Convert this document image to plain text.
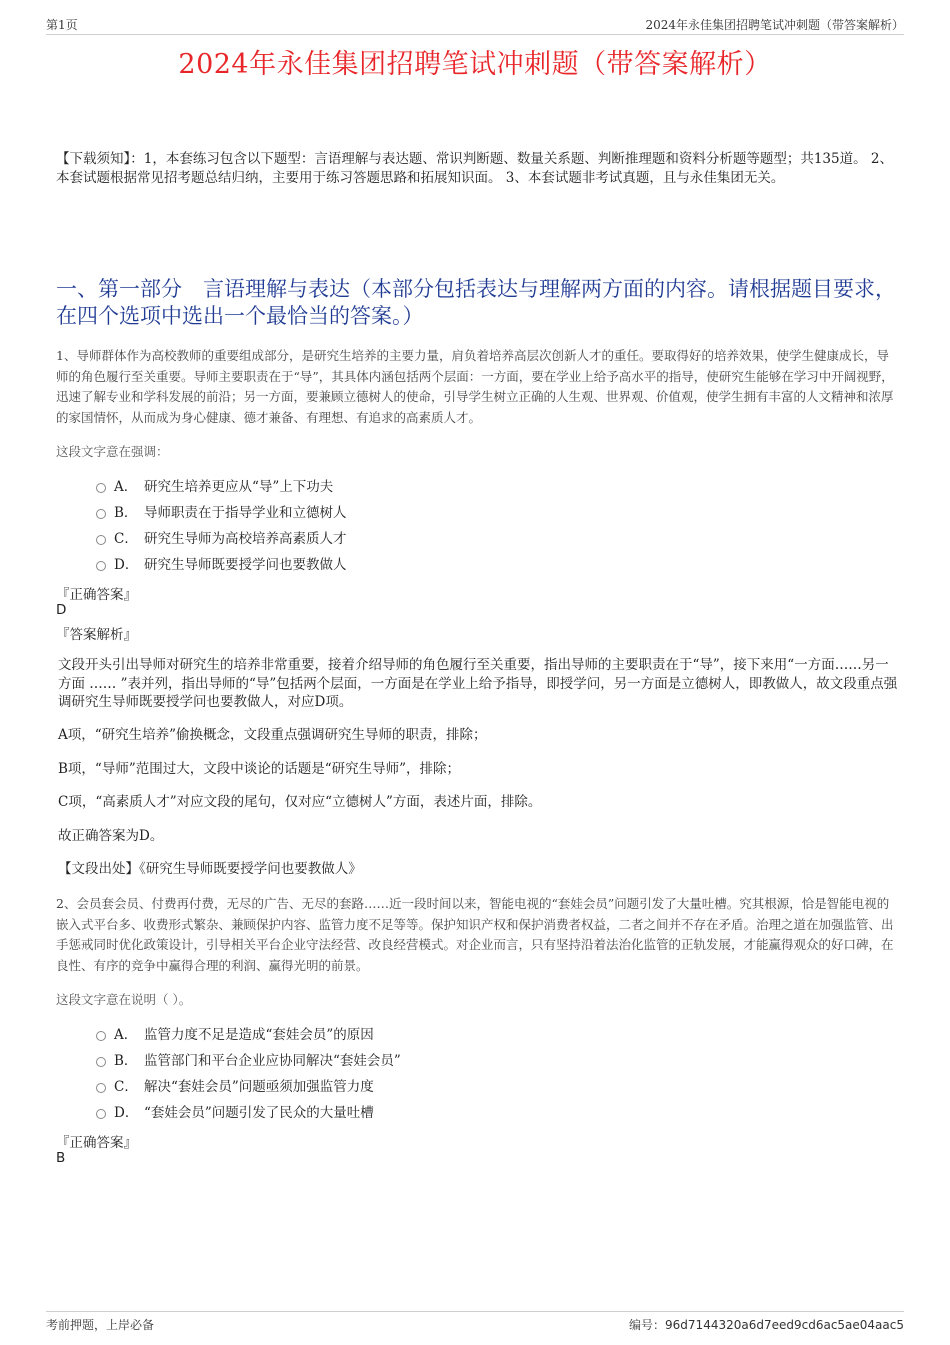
第1页	2024年永佳集团招聘笔试冲刺题（带答案解析）
2024年永佳集团招聘笔试冲刺题（带答案解析）
【下载须知】：1，本套练习包含以下题型：言语理解与表达题、常识判断题、数量关系题、判断推理题和资料分析题等题型；共135道。 2、本套试题根据常见招考题总结归纳，主要用于练习答题思路和拓展知识面。 3、本套试题非考试真题，且与永佳集团无关。
一、第一部分　言语理解与表达（本部分包括表达与理解两方面的内容。请根据题目要求，在四个选项中选出一个最恰当的答案。）
1、导师群体作为高校教师的重要组成部分，是研究生培养的主要力量，肩负着培养高层次创新人才的重任。要取得好的培养效果，使学生健康成长，导师的角色履行至关重要。导师主要职责在于“导”，其具体内涵包括两个层面：一方面，要在学业上给予高水平的指导，使研究生能够在学习中开阔视野，迅速了解专业和学科发展的前沿；另一方面，要兼顾立德树人的使命，引导学生树立正确的人生观、世界观、价值观，使学生拥有丰富的人文精神和浓厚的家国情怀，从而成为身心健康、德才兼备、有理想、有追求的高素质人才。
这段文字意在强调：
A． 研究生培养更应从“导”上下功夫
B． 导师职责在于指导学业和立德树人
C． 研究生导师为高校培养高素质人才
D． 研究生导师既要授学问也要教做人
『正确答案』
D
『答案解析』
文段开头引出导师对研究生的培养非常重要，接着介绍导师的角色履行至关重要，指出导师的主要职责在于“导”，接下来用“一方面……另一方面 …… ”表并列，指出导师的“导”包括两个层面，一方面是在学业上给予指导，即授学问，另一方面是立德树人，即教做人，故文段重点强调研究生导师既要授学问也要教做人，对应D项。
A项，“研究生培养”偷换概念，文段重点强调研究生导师的职责，排除；
B项，“导师”范围过大，文段中谈论的话题是“研究生导师”，排除；
C项，“高素质人才”对应文段的尾句，仅对应“立德树人”方面，表述片面，排除。
故正确答案为D。
【文段出处】《研究生导师既要授学问也要教做人》
2、会员套会员、付费再付费，无尽的广告、无尽的套路……近一段时间以来，智能电视的“套娃会员”问题引发了大量吐槽。究其根源，恰是智能电视的嵌入式平台多、收费形式繁杂、兼顾保护内容、监管力度不足等等。保护知识产权和保护消费者权益，二者之间并不存在矛盾。治理之道在加强监管、出手惩戒同时优化政策设计，引导相关平台企业守法经营、改良经营模式。对企业而言，只有坚持沿着法治化监管的正轨发展，才能赢得观众的好口碑，在良性、有序的竞争中赢得合理的利润、赢得光明的前景。
这段文字意在说明（ ）。
A． 监管力度不足是造成“套娃会员”的原因
B． 监管部门和平台企业应协同解决“套娃会员”
C． 解决“套娃会员”问题亟须加强监管力度
D． “套娃会员”问题引发了民众的大量吐槽
『正确答案』
B
考前押题，上岸必备	编号：96d7144320a6d7eed9cd6ac5ae04aac5
